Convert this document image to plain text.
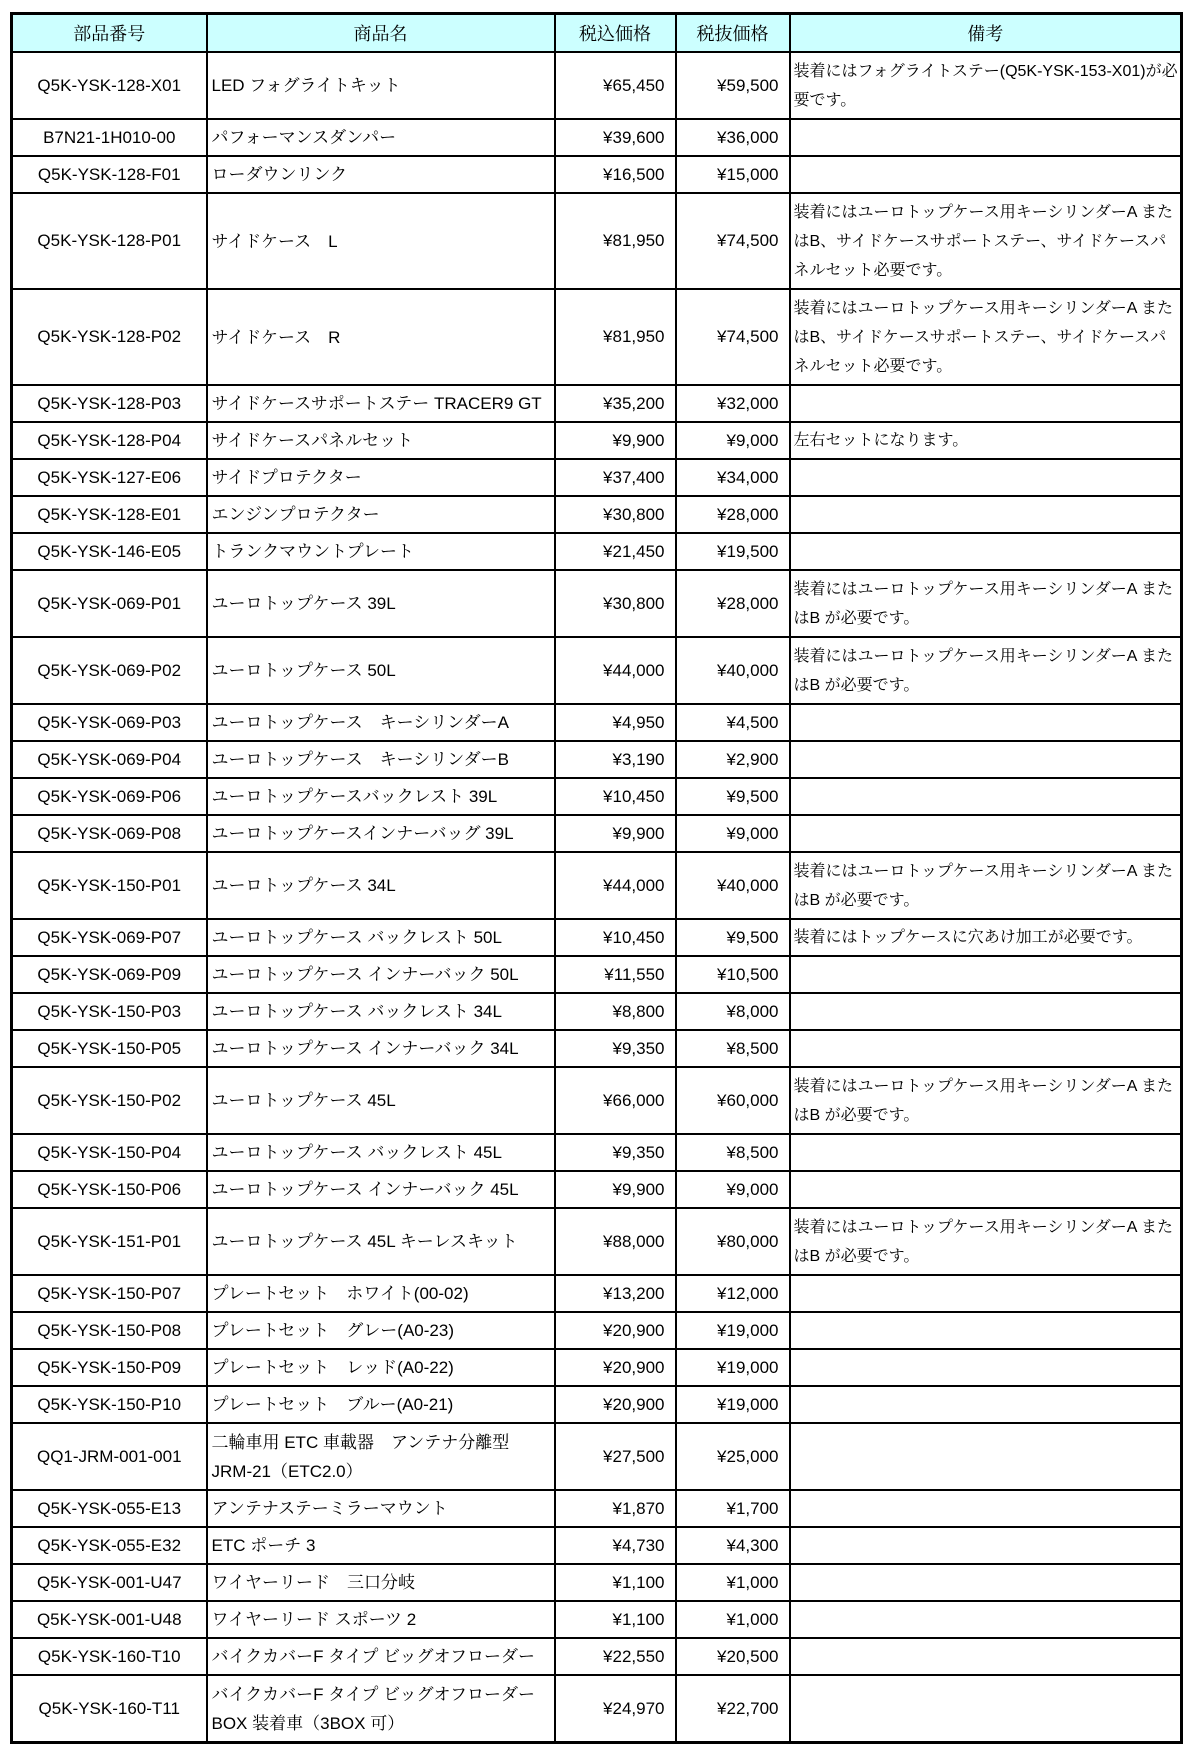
部品番号	商品名	税込価格	税抜価格	備考
Q5K-YSK-128-X01	LED フォグライトキット	¥65,450	¥59,500	装着にはフォグライトステー(Q5K-YSK-153-X01)が必要です。
B7N21-1H010-00	パフォーマンスダンパー	¥39,600	¥36,000	
Q5K-YSK-128-F01	ローダウンリンク	¥16,500	¥15,000	
Q5K-YSK-128-P01	サイドケース　L	¥81,950	¥74,500	装着にはユーロトップケース用キーシリンダーA またはB、サイドケースサポートステー、サイドケースパネルセット必要です。
Q5K-YSK-128-P02	サイドケース　R	¥81,950	¥74,500	装着にはユーロトップケース用キーシリンダーA またはB、サイドケースサポートステー、サイドケースパネルセット必要です。
Q5K-YSK-128-P03	サイドケースサポートステー TRACER9 GT	¥35,200	¥32,000	
Q5K-YSK-128-P04	サイドケースパネルセット	¥9,900	¥9,000	左右セットになります。
Q5K-YSK-127-E06	サイドプロテクター	¥37,400	¥34,000	
Q5K-YSK-128-E01	エンジンプロテクター	¥30,800	¥28,000	
Q5K-YSK-146-E05	トランクマウントプレート	¥21,450	¥19,500	
Q5K-YSK-069-P01	ユーロトップケース 39L	¥30,800	¥28,000	装着にはユーロトップケース用キーシリンダーA またはB が必要です。
Q5K-YSK-069-P02	ユーロトップケース 50L	¥44,000	¥40,000	装着にはユーロトップケース用キーシリンダーA またはB が必要です。
Q5K-YSK-069-P03	ユーロトップケース　キーシリンダーA	¥4,950	¥4,500	
Q5K-YSK-069-P04	ユーロトップケース　キーシリンダーB	¥3,190	¥2,900	
Q5K-YSK-069-P06	ユーロトップケースバックレスト 39L	¥10,450	¥9,500	
Q5K-YSK-069-P08	ユーロトップケースインナーバッグ 39L	¥9,900	¥9,000	
Q5K-YSK-150-P01	ユーロトップケース 34L	¥44,000	¥40,000	装着にはユーロトップケース用キーシリンダーA またはB が必要です。
Q5K-YSK-069-P07	ユーロトップケース バックレスト 50L	¥10,450	¥9,500	装着にはトップケースに穴あけ加工が必要です。
Q5K-YSK-069-P09	ユーロトップケース インナーバック 50L	¥11,550	¥10,500	
Q5K-YSK-150-P03	ユーロトップケース バックレスト 34L	¥8,800	¥8,000	
Q5K-YSK-150-P05	ユーロトップケース インナーバック 34L	¥9,350	¥8,500	
Q5K-YSK-150-P02	ユーロトップケース 45L	¥66,000	¥60,000	装着にはユーロトップケース用キーシリンダーA またはB が必要です。
Q5K-YSK-150-P04	ユーロトップケース バックレスト 45L	¥9,350	¥8,500	
Q5K-YSK-150-P06	ユーロトップケース インナーバック 45L	¥9,900	¥9,000	
Q5K-YSK-151-P01	ユーロトップケース 45L キーレスキット	¥88,000	¥80,000	装着にはユーロトップケース用キーシリンダーA またはB が必要です。
Q5K-YSK-150-P07	プレートセット　ホワイト(00-02)	¥13,200	¥12,000	
Q5K-YSK-150-P08	プレートセット　グレー(A0-23)	¥20,900	¥19,000	
Q5K-YSK-150-P09	プレートセット　レッド(A0-22)	¥20,900	¥19,000	
Q5K-YSK-150-P10	プレートセット　ブルー(A0-21)	¥20,900	¥19,000	
QQ1-JRM-001-001	二輪車用 ETC 車載器　アンテナ分離型 JRM-21（ETC2.0）	¥27,500	¥25,000	
Q5K-YSK-055-E13	アンテナステーミラーマウント	¥1,870	¥1,700	
Q5K-YSK-055-E32	ETC ポーチ 3	¥4,730	¥4,300	
Q5K-YSK-001-U47	ワイヤーリード　三口分岐	¥1,100	¥1,000	
Q5K-YSK-001-U48	ワイヤーリード スポーツ 2	¥1,100	¥1,000	
Q5K-YSK-160-T10	バイクカバーF タイプ ビッグオフローダー	¥22,550	¥20,500	
Q5K-YSK-160-T11	バイクカバーF タイプ ビッグオフローダーBOX 装着車（3BOX 可）	¥24,970	¥22,700	
